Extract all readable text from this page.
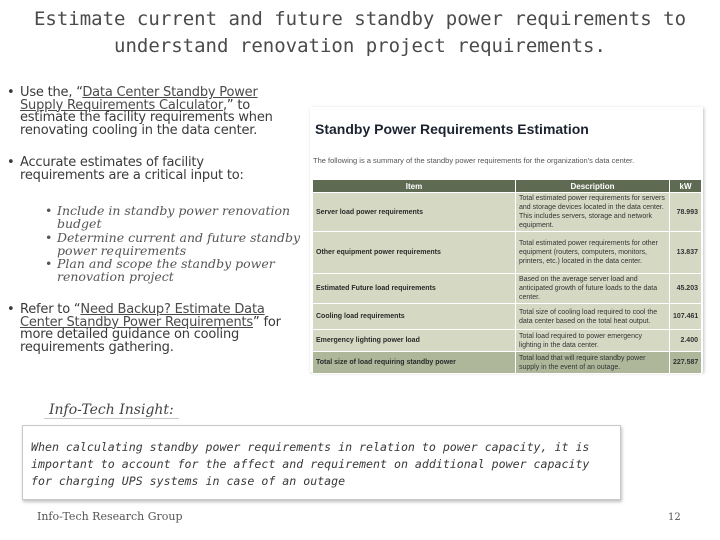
Estimate current and future standby power requirements to understand renovation project requirements.
• Use the, “Data Center Standby Power Supply Requirements Calculator,” to estimate the facility requirements when renovating cooling in the data center.
• Accurate estimates of facility requirements are a critical input to:
• Include in standby power renovation budget
• Determine current and future standby power requirements
• Plan and scope the standby power renovation project
• Refer to “Need Backup? Estimate Data Center Standby Power Requirements” for more detailed guidance on cooling requirements gathering.
Standby Power Requirements Estimation
The following is a summary of the standby power requirements for the organization's data center.
Item	Description	kW
Server load power requirements	Total estimated power requirements for servers and storage devices located in the data center. This includes servers, storage and network equipment.	78.993
Other equipment power requirements	Total estimated power requirements for other equipment (routers, computers, monitors, printers, etc.) located in the data center.	13.837
Estimated Future load requirements	Based on the average server load and anticipated growth of future loads to the data center.	45.203
Cooling load requirements	Total size of cooling load required to cool the data center based on the total heat output.	107.461
Emergency lighting power load	Total load required to power emergency lighting in the data center.	2.400
Total size of load requiring standby power	Total load that will require standby power supply in the event of an outage.	227.587
When calculating standby power requirements in relation to power capacity, it is important to account for the affect and requirement on additional power capacity for charging UPS systems in case of an outage
Info-Tech Insight:
Info-Tech Research Group	12
